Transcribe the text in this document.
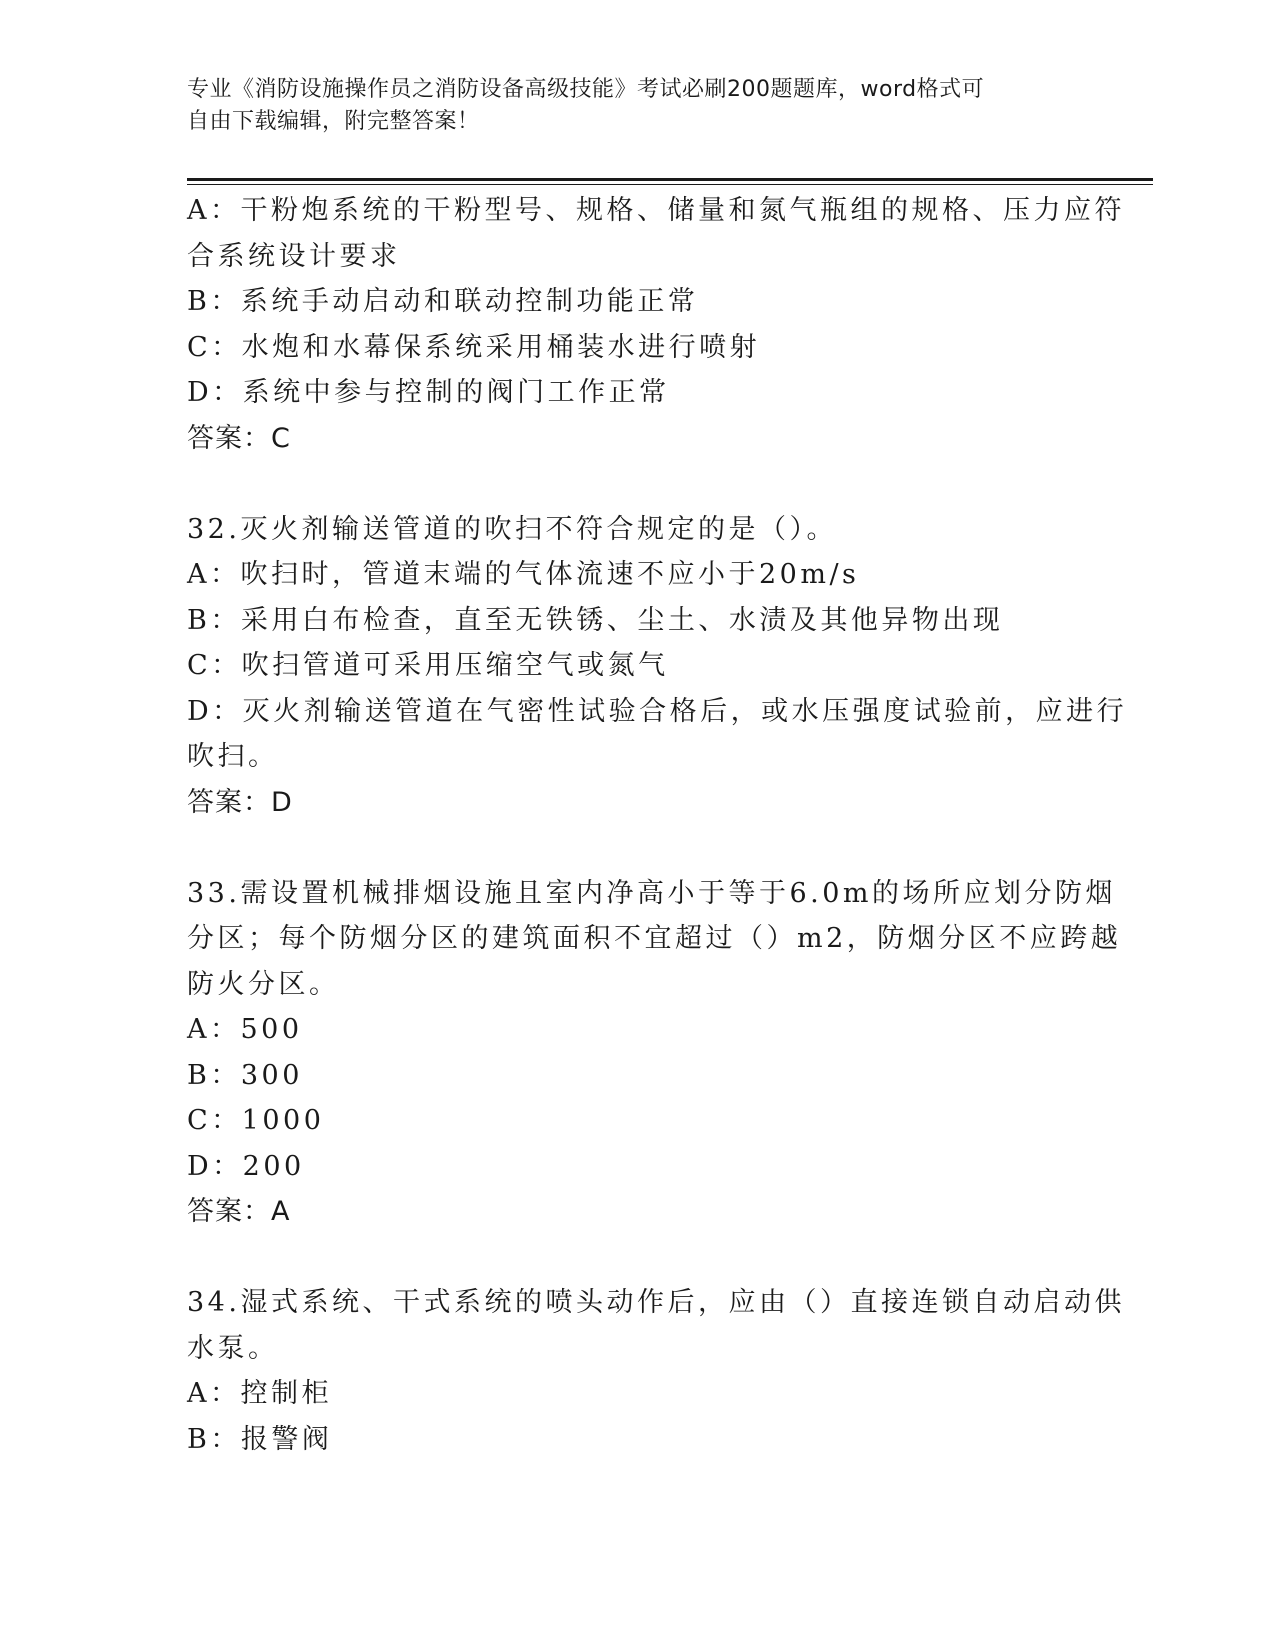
专业《消防设施操作员之消防设备高级技能》考试必刷200题题库，word格式可
自由下载编辑，附完整答案！
A：干粉炮系统的干粉型号、规格、储量和氮气瓶组的规格、压力应符
合系统设计要求
B：系统手动启动和联动控制功能正常
C：水炮和水幕保系统采用桶装水进行喷射
D：系统中参与控制的阀门工作正常
答案：C
32.灭火剂输送管道的吹扫不符合规定的是（）。
A：吹扫时，管道末端的气体流速不应小于20m/s
B：采用白布检查，直至无铁锈、尘土、水渍及其他异物出现
C：吹扫管道可采用压缩空气或氮气
D：灭火剂输送管道在气密性试验合格后，或水压强度试验前，应进行
吹扫。
答案：D
33.需设置机械排烟设施且室内净高小于等于6.0m的场所应划分防烟
分区；每个防烟分区的建筑面积不宜超过（）m2，防烟分区不应跨越
防火分区。
A：500
B：300
C：1000
D：200
答案：A
34.湿式系统、干式系统的喷头动作后，应由（）直接连锁自动启动供
水泵。
A：控制柜
B：报警阀
